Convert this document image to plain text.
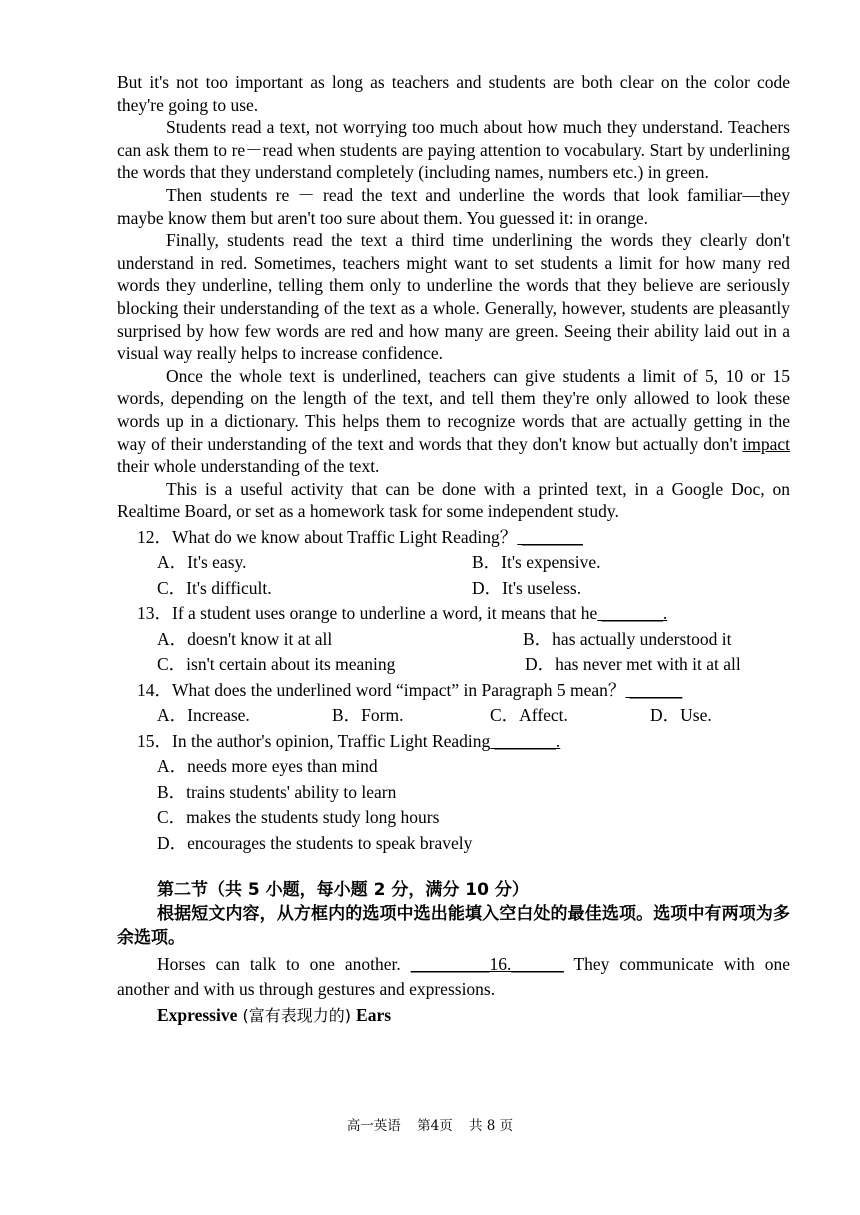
But it's not too important as long as teachers and students are both clear on the color code they're going to use.

Students read a text, not worrying too much about how much they understand. Teachers can ask them to re－read when students are paying attention to vocabulary. Start by underlining the words that they understand completely (including names, numbers etc.) in green.

Then students re － read the text and underline the words that look familiar—they maybe know them but aren't too sure about them. You guessed it: in orange.

Finally, students read the text a third time underlining the words they clearly don't understand in red. Sometimes, teachers might want to set students a limit for how many red words they underline, telling them only to underline the words that they believe are seriously blocking their understanding of the text as a whole. Generally, however, students are pleasantly surprised by how few words are red and how many are green. Seeing their ability laid out in a visual way really helps to increase confidence.

Once the whole text is underlined, teachers can give students a limit of 5, 10 or 15 words, depending on the length of the text, and tell them they're only allowed to look these words up in a dictionary. This helps them to recognize words that are actually getting in the way of their understanding of the text and words that they don't know but actually don't impact their whole understanding of the text.

This is a useful activity that can be done with a printed text, in a Google Doc, on Realtime Board, or set as a homework task for some independent study.

12．What do we know about Traffic Light Reading？ _______

A．It's easy.	B．It's expensive.
C．It's difficult.	D．It's useless.

13．If a student uses orange to underline a word, it means that he _______.

A．doesn't know it at all	B．has actually understood it
C．isn't certain about its meaning	D．has never met with it at all

14．What does the underlined word “impact” in Paragraph 5 mean？ ______

A．Increase.	B．Form.	C．Affect.	D．Use.

15．In the author's opinion, Traffic Light Reading _______.

A．needs more eyes than mind
B．trains students' ability to learn
C．makes the students study long hours
D．encourages the students to speak bravely

第二节（共 5 小题，每小题 2 分，满分 10 分）

根据短文内容，从方框内的选项中选出能填入空白处的最佳选项。选项中有两项为多余选项。

Horses can talk to one another. _________16.______ They communicate with one another and with us through gestures and expressions.

Expressive (富有表现力的) Ears

高一英语 第4页 共 8 页
